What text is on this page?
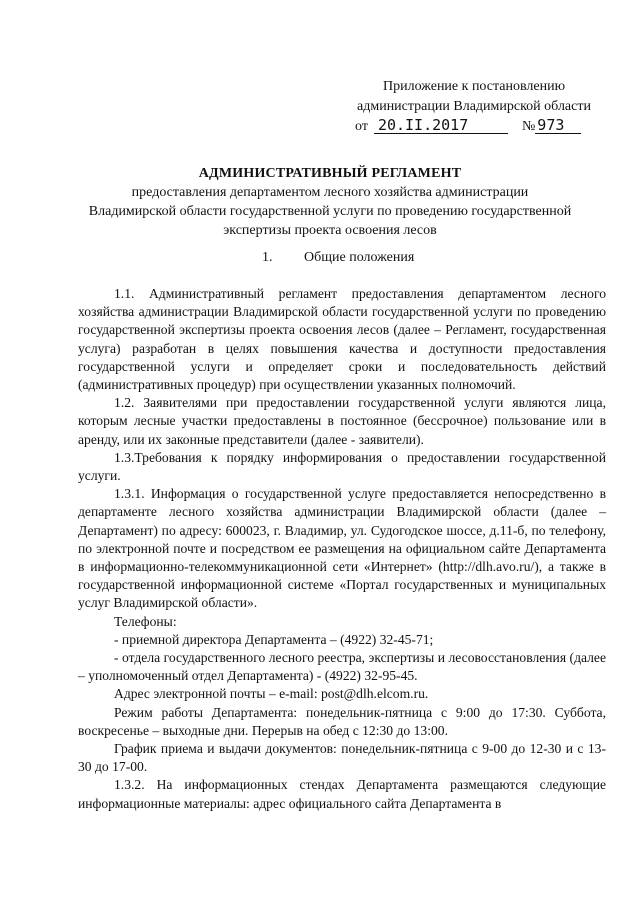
Приложение к постановлению
администрации Владимирской области
от 20.II.2017	№ 973
АДМИНИСТРАТИВНЫЙ РЕГЛАМЕНТ
предоставления департаментом лесного хозяйства администрации
Владимирской области государственной услуги по проведению государственной
экспертизы проекта освоения лесов
1. Общие положения

1.1. Административный регламент предоставления департаментом лесного хозяйства администрации Владимирской области государственной услуги по проведению государственной экспертизы проекта освоения лесов (далее – Регламент, государственная услуга) разработан в целях повышения качества и доступности предоставления государственной услуги и определяет сроки и последовательность действий (административных процедур) при осуществлении указанных полномочий.

1.2. Заявителями при предоставлении государственной услуги являются лица, которым лесные участки предоставлены в постоянное (бессрочное) пользование или в аренду, или их законные представители (далее - заявители).

1.3.Требования к порядку информирования о предоставлении государственной услуги.

1.3.1. Информация о государственной услуге предоставляется непосредственно в департаменте лесного хозяйства администрации Владимирской области (далее – Департамент) по адресу: 600023, г. Владимир, ул. Судогодское шоссе, д.11-б, по телефону, по электронной почте и посредством ее размещения на официальном сайте Департамента в информационно-телекоммуникационной сети «Интернет» (http://dlh.avo.ru/), а также в государственной информационной системе «Портал государственных и муниципальных услуг Владимирской области».

Телефоны:

- приемной директора Департамента – (4922) 32-45-71;

- отдела государственного лесного реестра, экспертизы и лесовосстановления (далее – уполномоченный отдел Департамента) - (4922) 32-95-45.

Адрес электронной почты – e-mail: post@dlh.elcom.ru.

Режим работы Департамента: понедельник-пятница с 9:00 до 17:30. Суббота, воскресенье – выходные дни. Перерыв на обед с 12:30 до 13:00.

График приема и выдачи документов: понедельник-пятница с 9-00 до 12-30 и с 13-30 до 17-00.

1.3.2. На информационных стендах Департамента размещаются следующие информационные материалы: адрес официального сайта Департамента в
